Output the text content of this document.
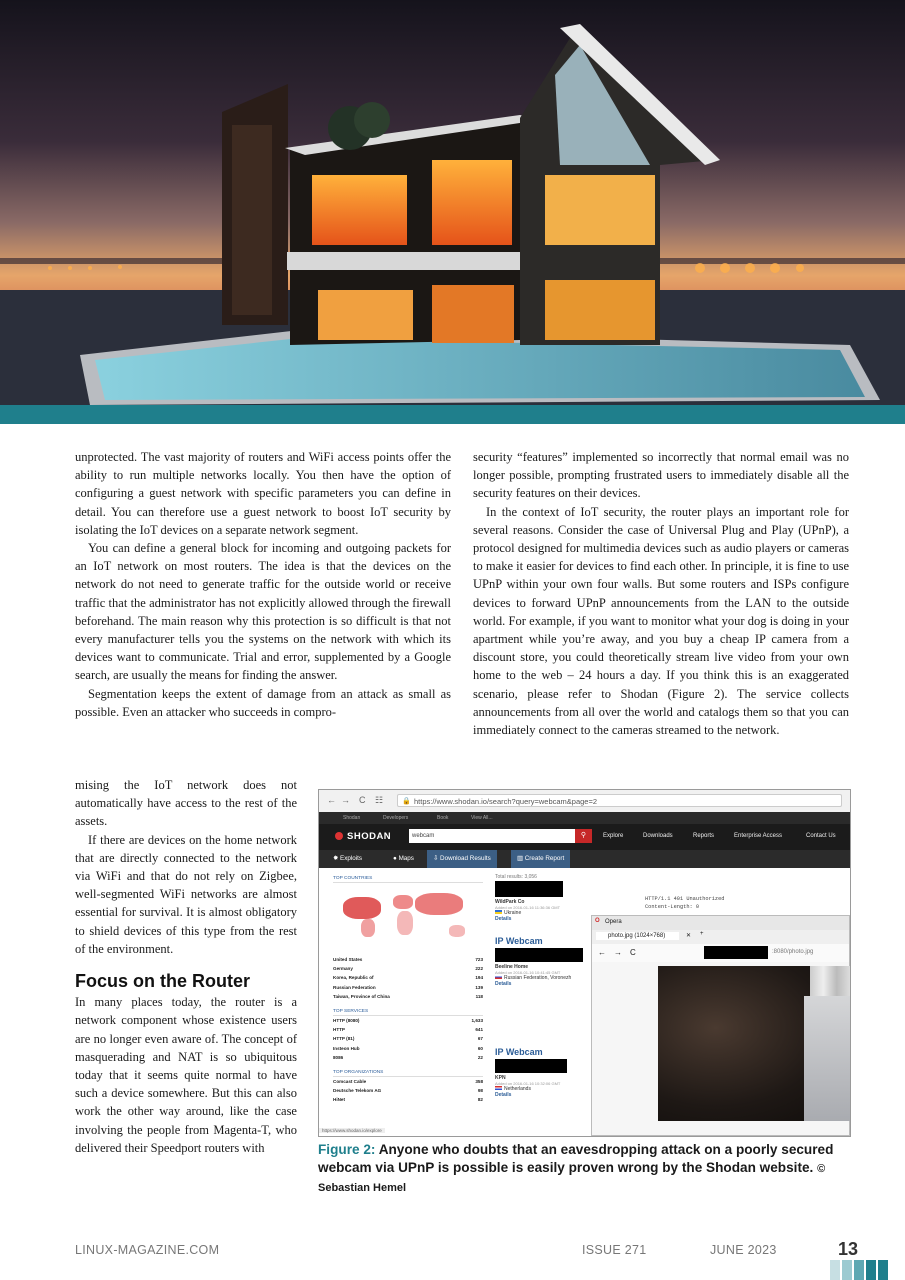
unprotected. The vast majority of routers and WiFi access points offer the ability to run multiple networks locally. You then have the option of configuring a guest network with specific parameters you can define in detail. You can therefore use a guest network to boost IoT security by isolating the IoT devices on a separate network segment.

You can define a general block for incoming and outgoing packets for an IoT network on most routers. The idea is that the devices on the network do not need to generate traffic for the outside world or receive traffic that the administrator has not explicitly allowed through the firewall beforehand. The main reason why this protection is so difficult is that not every manufacturer tells you the systems on the network with which its devices want to communicate. Trial and error, supplemented by a Google search, are usually the means for finding the answer.

Segmentation keeps the extent of damage from an attack as small as possible. Even an attacker who succeeds in compro-

mising the IoT network does not automatically have access to the rest of the assets.

If there are devices on the home network that are directly connected to the network via WiFi and that do not rely on Zigbee, well-segmented WiFi networks are almost essential for survival. It is almost obligatory to shield devices of this type from the rest of the environment.

Focus on the Router

In many places today, the router is a network component whose existence users are no longer even aware of. The concept of masquerading and NAT is so ubiquitous today that it seems quite normal to have such a device somewhere. But this can also work the other way around, like the case involving the people from Magenta-T, who delivered their Speedport routers with

security “features” implemented so incorrectly that normal email was no longer possible, prompting frustrated users to immediately disable all the security features on their devices.

In the context of IoT security, the router plays an important role for several reasons. Consider the case of Universal Plug and Play (UPnP), a protocol designed for multimedia devices such as audio players or cameras to make it easier for devices to find each other. In principle, it is fine to use UPnP within your own four walls. But some routers and ISPs configure devices to forward UPnP announcements from the LAN to the outside world. For example, if you want to monitor what your dog is doing in your apartment while you’re away, and you buy a cheap IP camera from a discount store, you could theoretically stream live video from your own home to the web – 24 hours a day. If you think this is an exaggerated scenario, please refer to Shodan (Figure 2). The service collects announcements from all over the world and catalogs them so that you can immediately connect to the cameras streamed to the network.

← → C ☷	🔒 https://www.shodan.io/search?query=webcam&page=2
Shodan	Developers	Book	View All...
SHODAN	webcam	⚲	Explore	Downloads	Reports	Enterprise Access	Contact Us
✸ Exploits	● Maps	⇩ Download Results	▥ Create Report
TOP COUNTRIES
United States	723
Germany	222
Korea, Republic of	194
Russian Federation	139
Taiwan, Province of China	118
TOP SERVICES
HTTP (8080)	1,633
HTTP	641
HTTP (81)	67
Insteon Hub	60
8086	22
TOP ORGANIZATIONS
Comcast Cable	358
Deutsche Telekom AG	98
HiNet	82
https://www.shodan.io/explore
Total results: 3,056
WildPark Co
Added on 2016-01-16 11:36:36 GMT
Ukraine
Details
IP Webcam
Beeline Home
Added on 2016-01-16 10:41:45 GMT
Russian Federation, Voronezh
Details
IP Webcam
KPN
Added on 2016-01-16 10:32:06 GMT
Netherlands
Details
HTTP/1.1 401 Unauthorized
Content-Length: 0
O Opera
photo.jpg (1024×768)	✕ +
← → C	:8080/photo.jpg
Figure 2: Anyone who doubts that an eavesdropping attack on a poorly secured webcam via UPnP is possible is easily proven wrong by the Shodan website. © Sebastian Hemel
LINUX-MAGAZINE.COM	ISSUE 271	JUNE 2023	13
